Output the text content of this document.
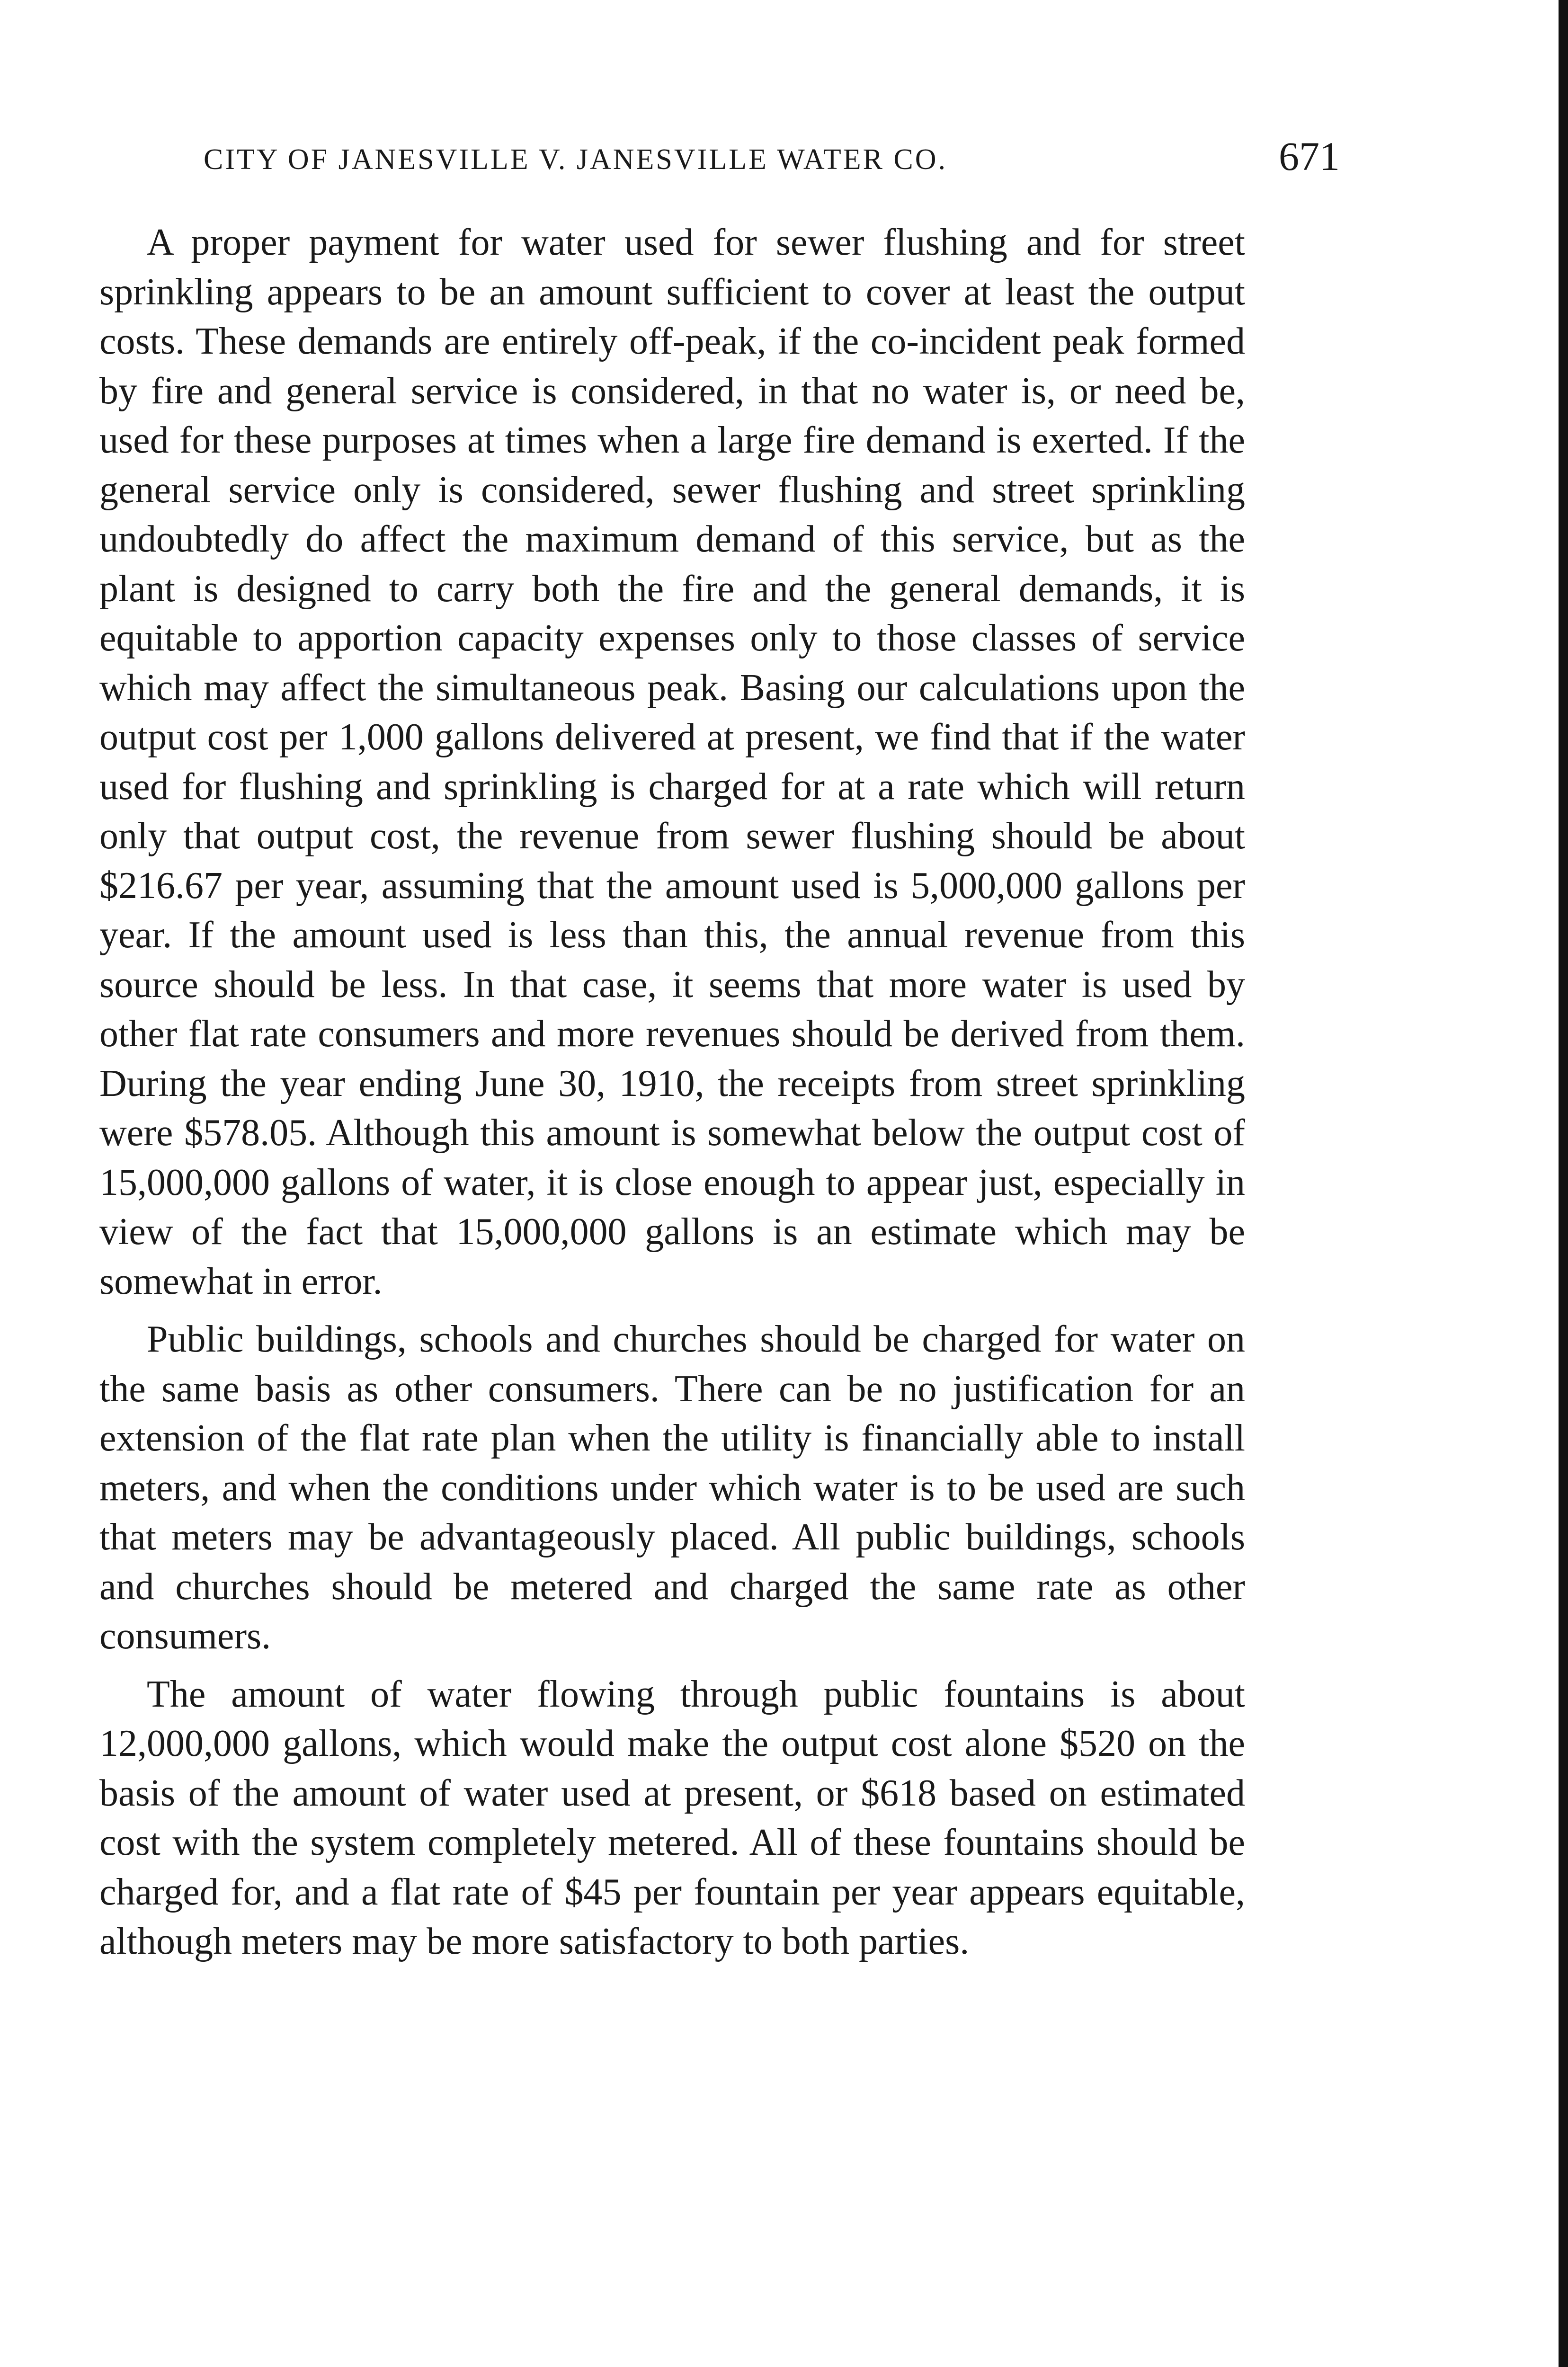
CITY OF JANESVILLE V. JANESVILLE WATER CO.	671

A proper payment for water used for sewer flushing and for street sprinkling appears to be an amount sufficient to cover at least the output costs. These demands are entirely off-peak, if the co-incident peak formed by fire and general service is considered, in that no water is, or need be, used for these purposes at times when a large fire demand is exerted. If the general service only is considered, sewer flushing and street sprinkling undoubtedly do affect the maximum demand of this service, but as the plant is designed to carry both the fire and the general demands, it is equitable to apportion capacity expenses only to those classes of service which may affect the simultaneous peak. Basing our calculations upon the output cost per 1,000 gallons delivered at present, we find that if the water used for flushing and sprinkling is charged for at a rate which will return only that output cost, the revenue from sewer flushing should be about $216.67 per year, assuming that the amount used is 5,000,000 gallons per year. If the amount used is less than this, the annual revenue from this source should be less. In that case, it seems that more water is used by other flat rate consumers and more revenues should be derived from them. During the year ending June 30, 1910, the receipts from street sprinkling were $578.05. Although this amount is somewhat below the output cost of 15,000,000 gallons of water, it is close enough to appear just, especially in view of the fact that 15,000,000 gallons is an estimate which may be somewhat in error.

Public buildings, schools and churches should be charged for water on the same basis as other consumers. There can be no justification for an extension of the flat rate plan when the utility is financially able to install meters, and when the conditions under which water is to be used are such that meters may be advantageously placed. All public buildings, schools and churches should be metered and charged the same rate as other consumers.

The amount of water flowing through public fountains is about 12,000,000 gallons, which would make the output cost alone $520 on the basis of the amount of water used at present, or $618 based on estimated cost with the system completely metered. All of these fountains should be charged for, and a flat rate of $45 per fountain per year appears equitable, although meters may be more satisfactory to both parties.
